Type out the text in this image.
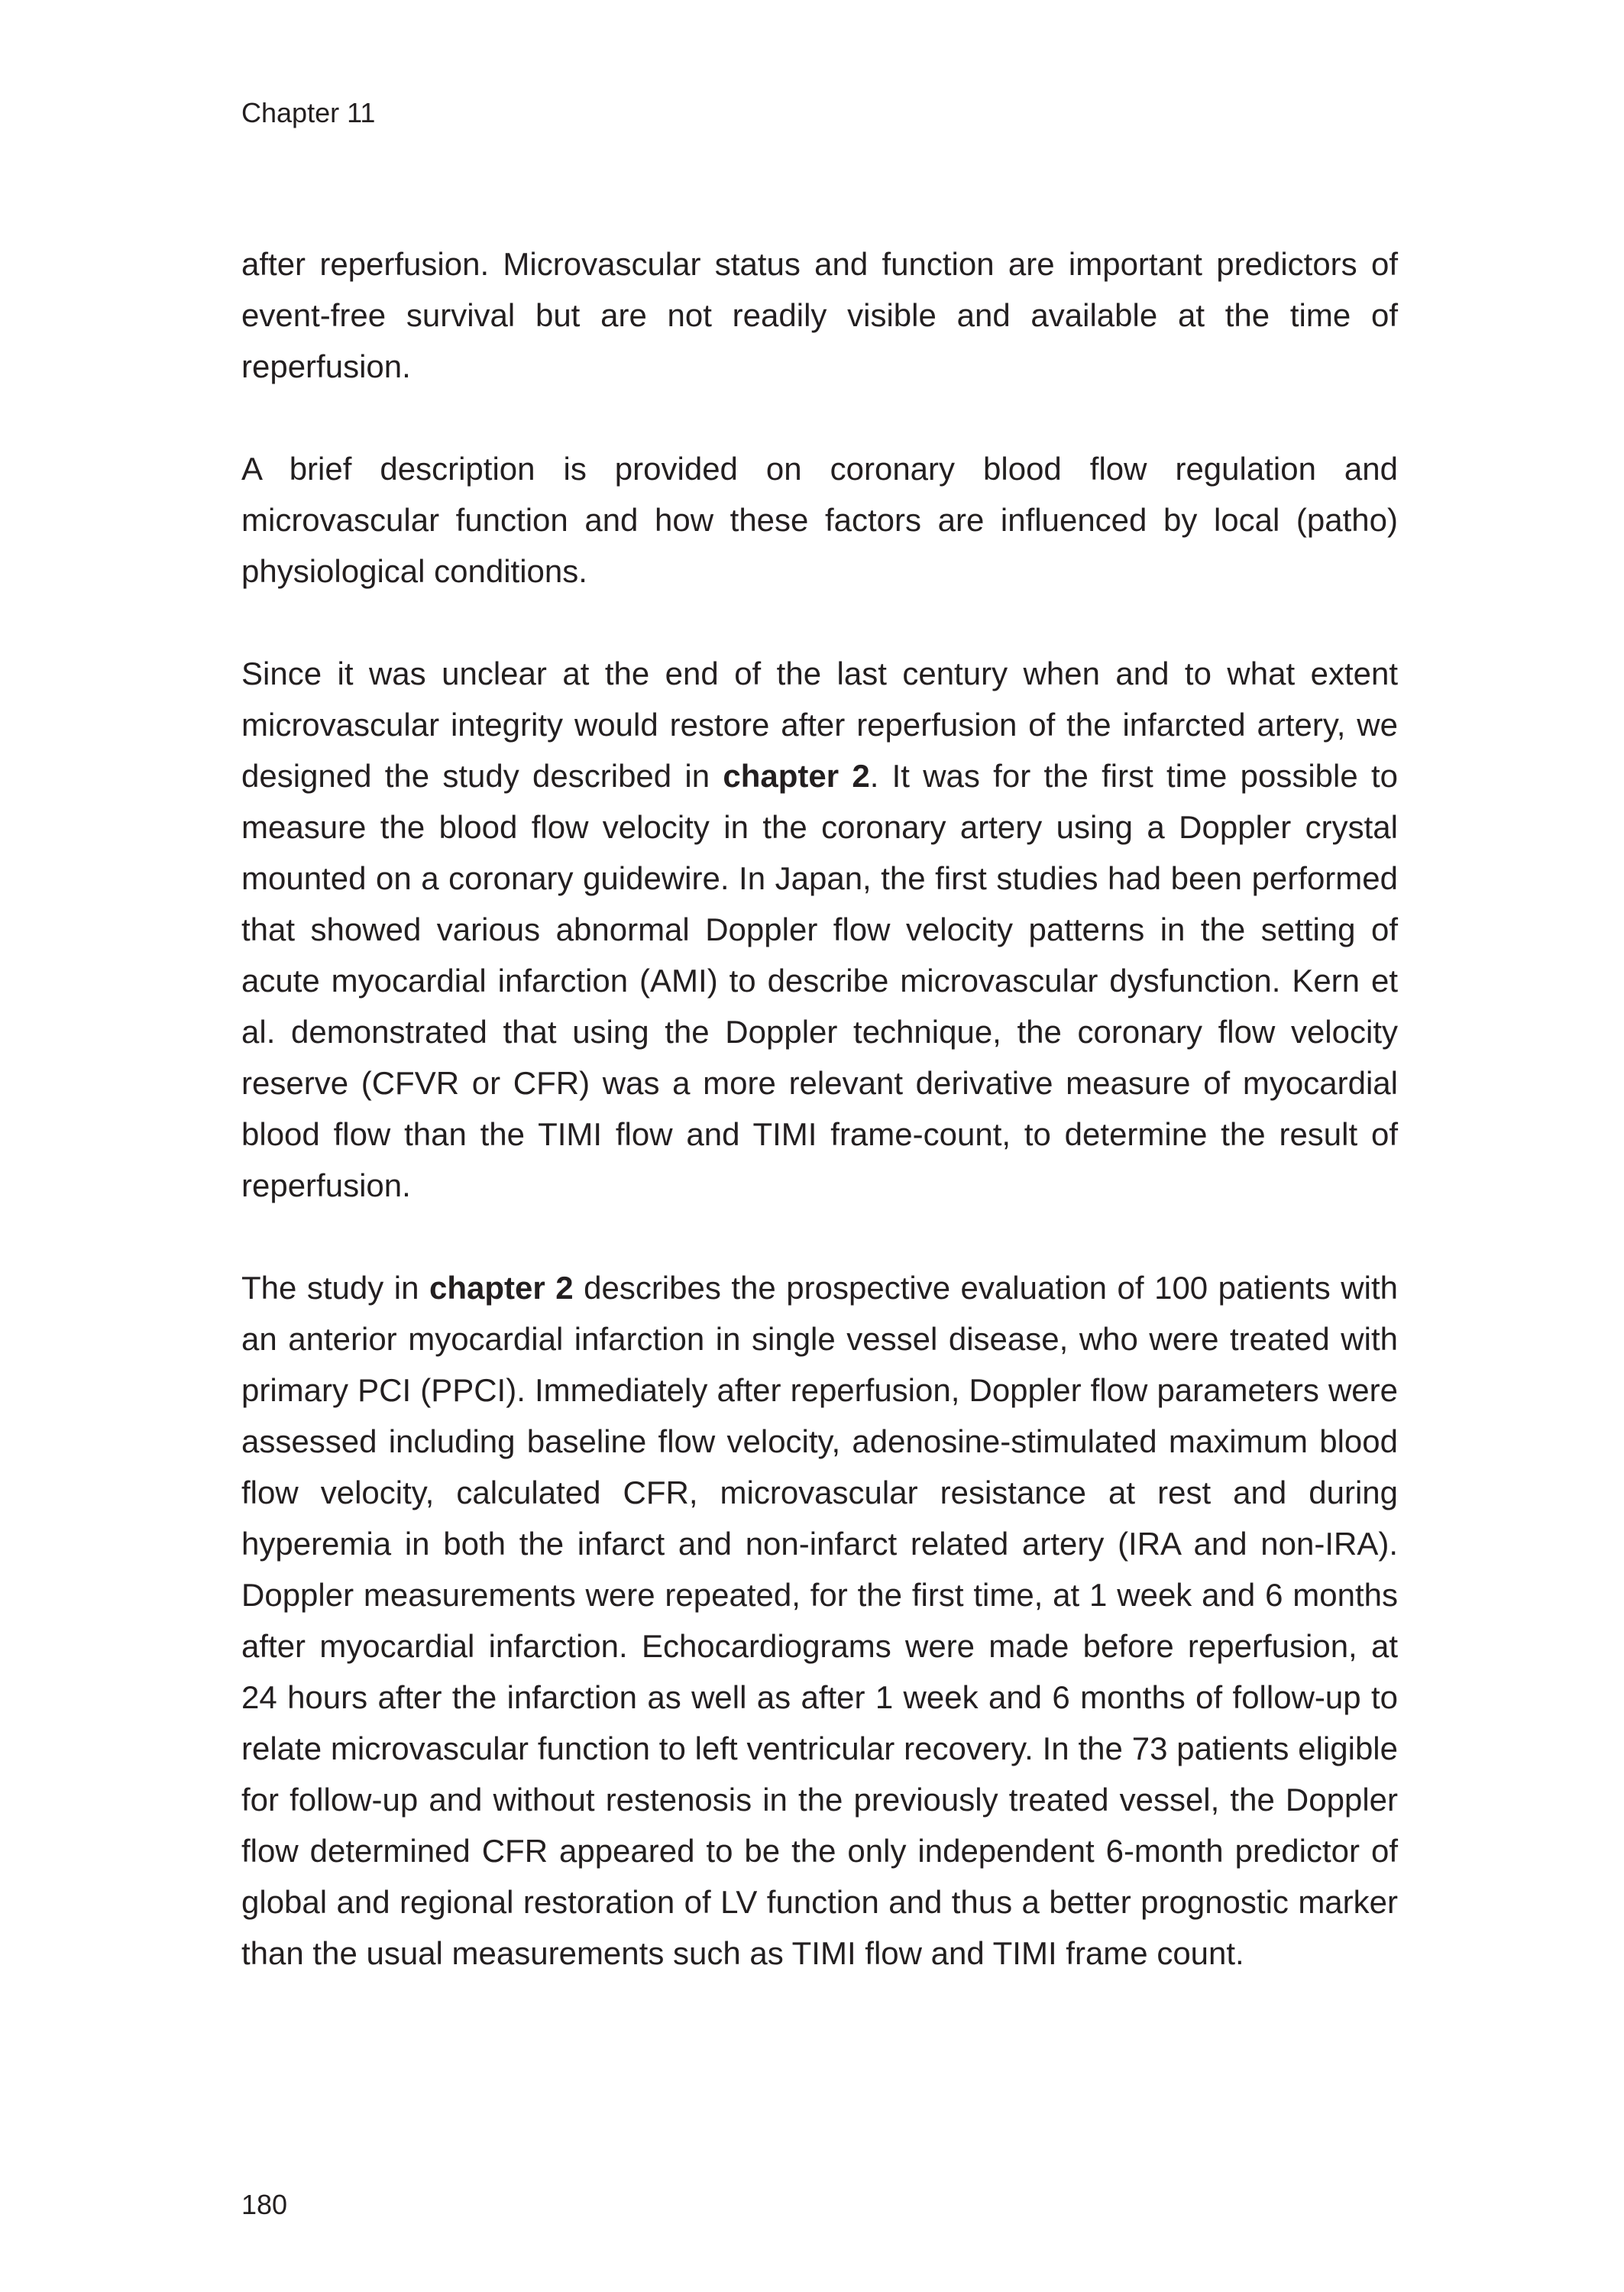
Chapter 11

after reperfusion. Microvascular status and function are important predictors of event-free survival but are not readily visible and available at the time of reperfusion.

A brief description is provided on coronary blood flow regulation and microvascular function and how these factors are influenced by local (patho) physiological conditions.

Since it was unclear at the end of the last century when and to what extent microvascular integrity would restore after reperfusion of the infarcted artery, we designed the study described in chapter 2. It was for the first time possible to measure the blood flow velocity in the coronary artery using a Doppler crystal mounted on a coronary guidewire. In Japan, the first studies had been performed that showed various abnormal Doppler flow velocity patterns in the setting of acute myocardial infarction (AMI) to describe microvascular dysfunction. Kern et al. demonstrated that using the Doppler technique, the coronary flow velocity reserve (CFVR or CFR) was a more relevant derivative measure of myocardial blood flow than the TIMI flow and TIMI frame-count, to determine the result of reperfusion.

The study in chapter 2 describes the prospective evaluation of 100 patients with an anterior myocardial infarction in single vessel disease, who were treated with primary PCI (PPCI). Immediately after reperfusion, Doppler flow parameters were assessed including baseline flow velocity, adenosine-stimulated maximum blood flow velocity, calculated CFR, microvascular resistance at rest and during hyperemia in both the infarct and non-infarct related artery (IRA and non-IRA). Doppler measurements were repeated, for the first time, at 1 week and 6 months after myocardial infarction. Echocardiograms were made before reperfusion, at 24 hours after the infarction as well as after 1 week and 6 months of follow-up to relate microvascular function to left ventricular recovery. In the 73 patients eligible for follow-up and without restenosis in the previously treated vessel, the Doppler flow determined CFR appeared to be the only independent 6-month predictor of global and regional restoration of LV function and thus a better prognostic marker than the usual measurements such as TIMI flow and TIMI frame count.

180
